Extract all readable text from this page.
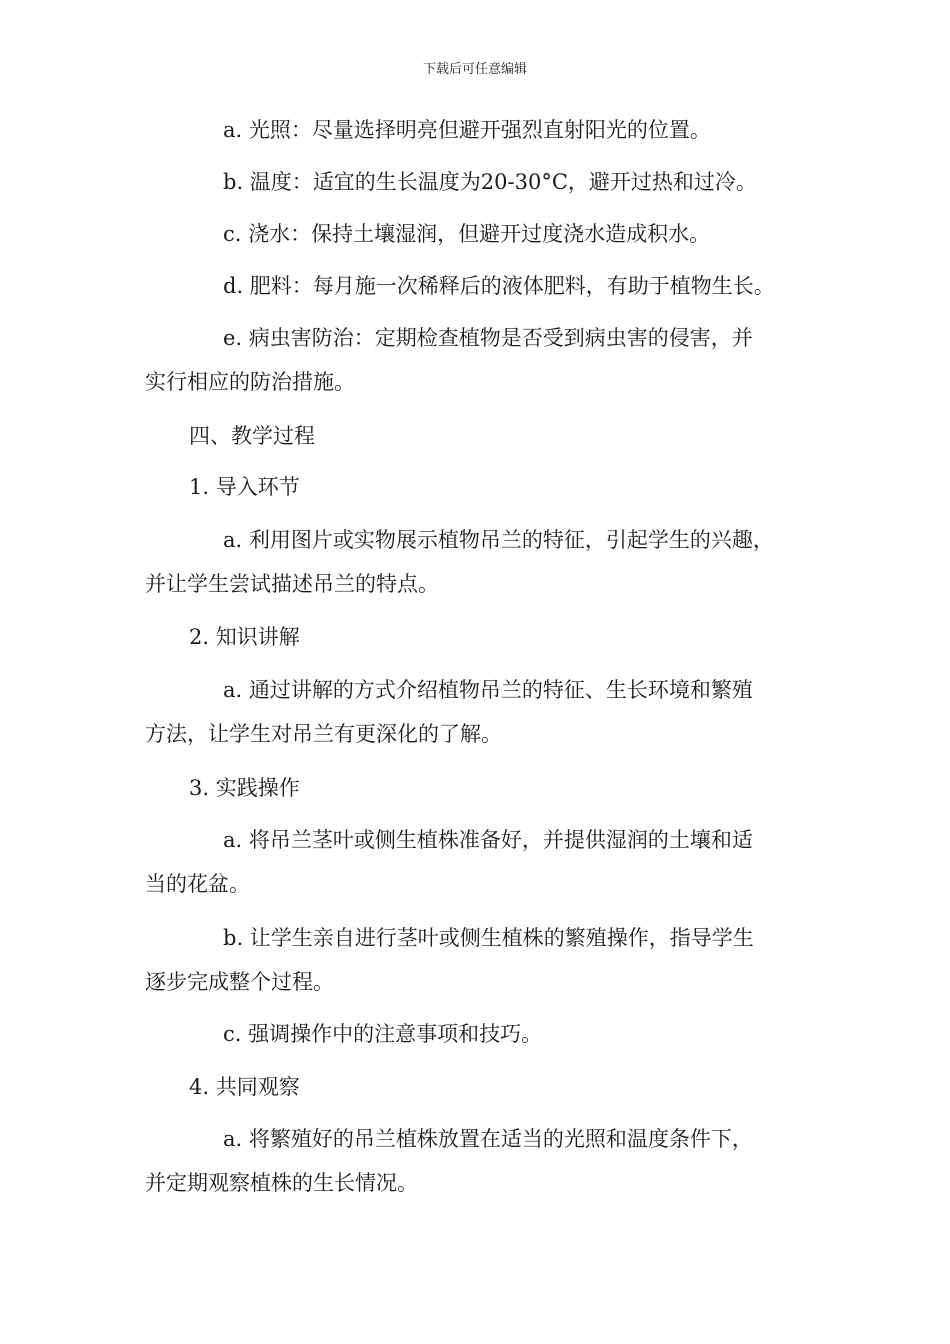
下载后可任意编辑

a. 光照：尽量选择明亮但避开强烈直射阳光的位置。

b. 温度：适宜的生长温度为20-30°C，避开过热和过冷。

c. 浇水：保持土壤湿润，但避开过度浇水造成积水。

d. 肥料：每月施一次稀释后的液体肥料，有助于植物生长。

e. 病虫害防治：定期检查植物是否受到病虫害的侵害，并
实行相应的防治措施。

四、教学过程

1. 导入环节

a. 利用图片或实物展示植物吊兰的特征，引起学生的兴趣，
并让学生尝试描述吊兰的特点。

2. 知识讲解

a. 通过讲解的方式介绍植物吊兰的特征、生长环境和繁殖
方法，让学生对吊兰有更深化的了解。

3. 实践操作

a. 将吊兰茎叶或侧生植株准备好，并提供湿润的土壤和适
当的花盆。

b. 让学生亲自进行茎叶或侧生植株的繁殖操作，指导学生
逐步完成整个过程。

c. 强调操作中的注意事项和技巧。

4. 共同观察

a. 将繁殖好的吊兰植株放置在适当的光照和温度条件下，
并定期观察植株的生长情况。
